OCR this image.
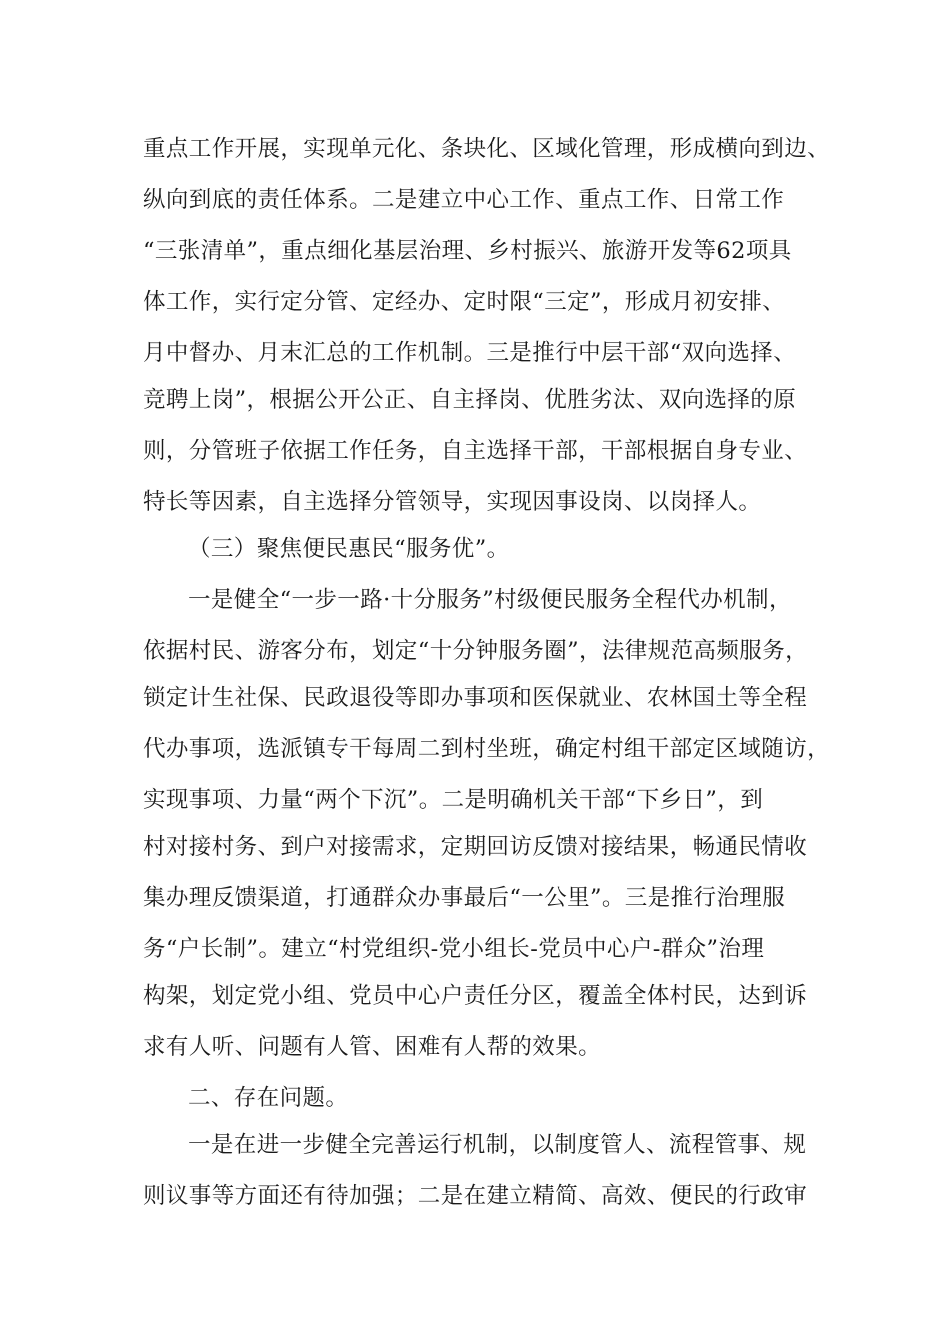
重点工作开展，实现单元化、条块化、区域化管理，形成横向到边、
纵向到底的责任体系。二是建立中心工作、重点工作、日常工作
“三张清单”，重点细化基层治理、乡村振兴、旅游开发等62项具
体工作，实行定分管、定经办、定时限“三定”，形成月初安排、
月中督办、月末汇总的工作机制。三是推行中层干部“双向选择、
竞聘上岗”，根据公开公正、自主择岗、优胜劣汰、双向选择的原
则，分管班子依据工作任务，自主选择干部，干部根据自身专业、
特长等因素，自主选择分管领导，实现因事设岗、以岗择人。
（三）聚焦便民惠民“服务优”。
一是健全“一步一路·十分服务”村级便民服务全程代办机制，
依据村民、游客分布，划定“十分钟服务圈”，法律规范高频服务，
锁定计生社保、民政退役等即办事项和医保就业、农林国土等全程
代办事项，选派镇专干每周二到村坐班，确定村组干部定区域随访，
实现事项、力量“两个下沉”。二是明确机关干部“下乡日”，到
村对接村务、到户对接需求，定期回访反馈对接结果，畅通民情收
集办理反馈渠道，打通群众办事最后“一公里”。三是推行治理服
务“户长制”。建立“村党组织-党小组长-党员中心户-群众”治理
构架，划定党小组、党员中心户责任分区，覆盖全体村民，达到诉
求有人听、问题有人管、困难有人帮的效果。
二、存在问题。
一是在进一步健全完善运行机制，以制度管人、流程管事、规
则议事等方面还有待加强；二是在建立精简、高效、便民的行政审
